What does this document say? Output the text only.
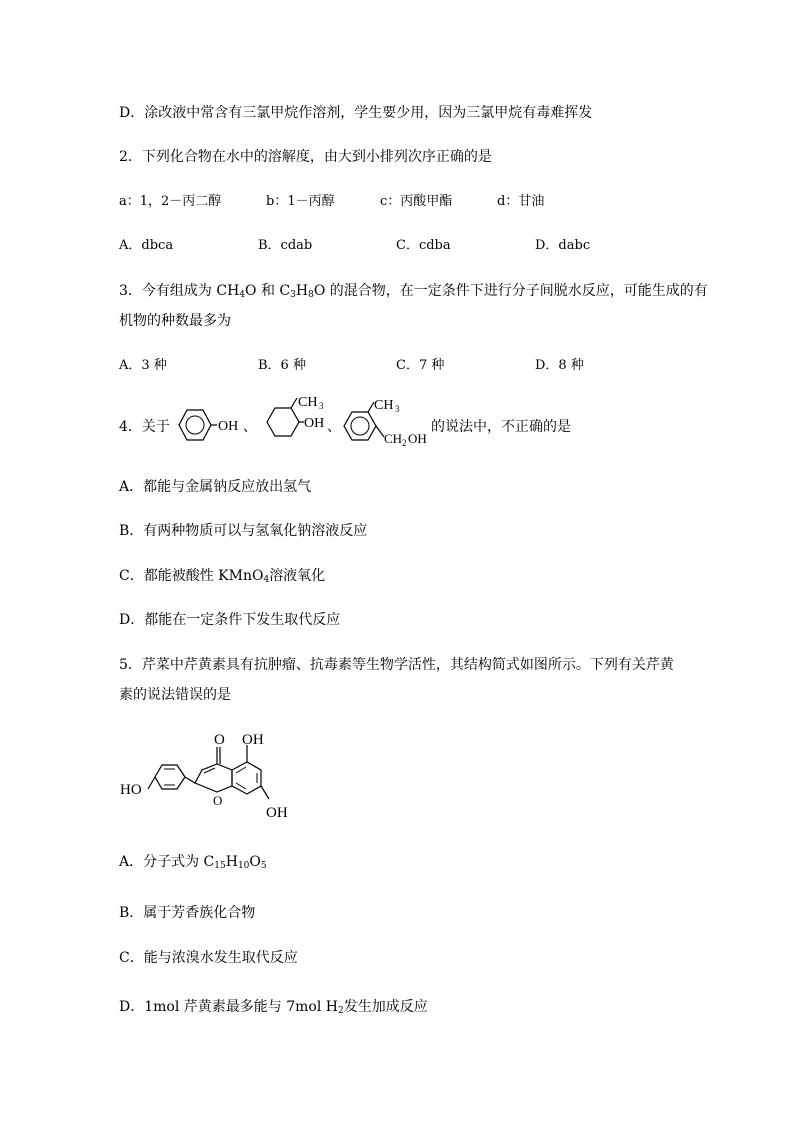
D．涂改液中常含有三氯甲烷作溶剂，学生要少用，因为三氯甲烷有毒难挥发
2．下列化合物在水中的溶解度，由大到小排列次序正确的是
a：1，2－丙二醇	b：1－丙醇	c：丙酸甲酯	d：甘油
A．dbca	B．cdab	C．cdba	D．dabc
3．今有组成为 $CH_4O$ 和 $C_3H_8O$ 的混合物，在一定条件下进行分子间脱水反应，可能生成的有
机物的种数最多为
A．3 种	B．6 种	C．7 种	D．8 种
4．关于	OH 、
CH 3
OH 、
CH 3
CH 2 OH
的说法中，不正确的是
A．都能与金属钠反应放出氢气
B．有两种物质可以与氢氧化钠溶液反应
C．都能被酸性 KMnO$_4$溶液氧化
D．都能在一定条件下发生取代反应
5．芹菜中芹黄素具有抗肿瘤、抗毒素等生物学活性，其结构简式如图所示。下列有关芹黄
素的说法错误的是
O OH
HO
O
OH
A．分子式为 $C_{15}H_{10}O_5$
B．属于芳香族化合物
C．能与浓溴水发生取代反应
D．1mol 芹黄素最多能与 7mol $H_2$发生加成反应
